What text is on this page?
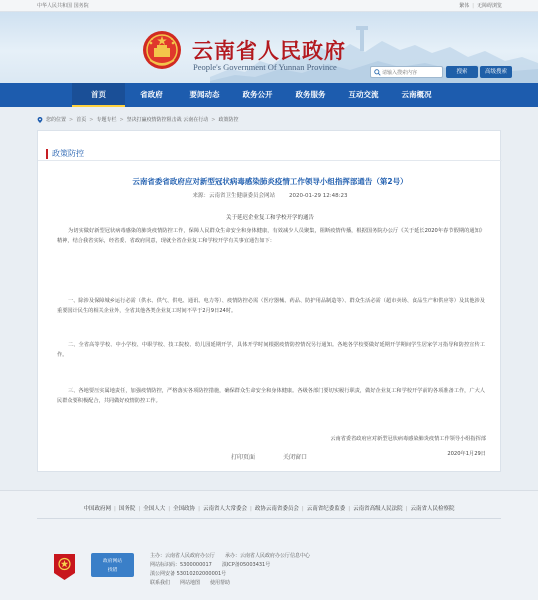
中华人民共和国 国务院	繁体 | 无障碍浏览
云南省人民政府
People's Government Of Yunnan Province
请输入搜索内容	搜索	高级搜索
首页	省政府	要闻动态	政务公开	政务服务	互动交流	云南概况
您的位置 > 首页 > 专题专栏 > 坚决打赢疫情防控阻击战 云南在行动 > 政策防控
政策防控
云南省委省政府应对新型冠状病毒感染肺炎疫情工作领导小组指挥部通告（第2号）
来源：云南省卫生健康委员会网站	2020-01-29 12:48:23
关于延迟企业复工和学校开学的通告
为切实做好新型冠状病毒感染的肺炎疫情防控工作，保障人民群众生命安全和身体健康，有效减少人员聚集，阻断疫情传播，根据国务院办公厅《关于延长2020年春节假期的通知》精神，结合我省实际，经省委、省政府同意，现就全省企业复工和学校开学有关事宜通告如下：
一、除涉及保障城乡运行必需（供水、供气、供电、通讯、电力等）、疫情防控必需（医疗器械、药品、防护用品制造等）、群众生活必需（超市卖场、食品生产和供应等）及其他涉及重要国计民生的相关企业外，全省其他各类企业复工时间不早于2月9日24时。
二、全省高等学校、中小学校、中职学校、技工院校、幼儿园延期开学，具体开学时间根据疫情防控情况另行通知。各地各学校要做好延期开学期间学生居家学习指导和防控宣传工作。
三、各地要压实属地责任，加强疫情防控，严格落实各项防控措施，确保群众生命安全和身体健康。各级各部门要切实履行职责，做好企业复工和学校开学前的各项准备工作，广大人民群众要积极配合，共同做好疫情防控工作。
云南省委省政府应对新型冠状病毒感染肺炎疫情工作领导小组指挥部
2020年1月29日
打印页面	关闭窗口
中国政府网 | 国务院 | 全国人大 | 全国政协 | 云南省人大常委会 | 政协云南省委员会 | 云南省纪委监委 | 云南省高级人民法院 | 云南省人民检察院
政府网站
找错
主办：云南省人民政府办公厅　　承办：云南省人民政府办公厅信息中心
网站标识码：5300000017　　滇ICP备05003431号
滇公网安备 53010202000001号
联系我们　　网站地图　　使用帮助
